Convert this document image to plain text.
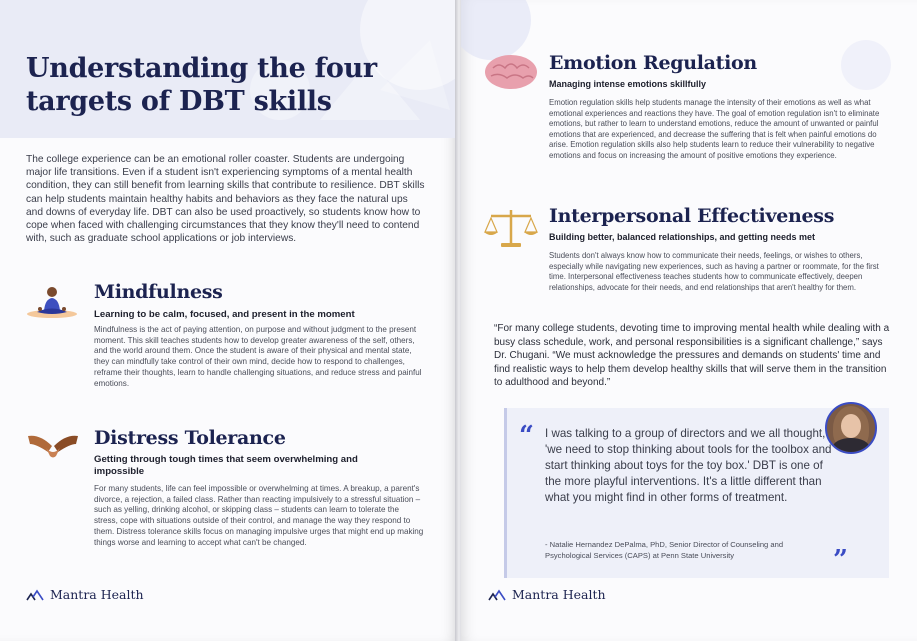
Understanding the four targets of DBT skills

The college experience can be an emotional roller coaster. Students are undergoing major life transitions. Even if a student isn't experiencing symptoms of a mental health condition, they can still benefit from learning skills that contribute to resilience. DBT skills can help students maintain healthy habits and behaviors as they face the natural ups and downs of everyday life. DBT can also be used proactively, so students know how to cope when faced with challenging circumstances that they know they'll need to contend with, such as graduate school applications or job interviews.

Mindfulness

Learning to be calm, focused, and present in the moment

Mindfulness is the act of paying attention, on purpose and without judgment to the present moment. This skill teaches students how to develop greater awareness of the self, others, and the world around them. Once the student is aware of their physical and mental state, they can mindfully take control of their own mind, decide how to respond to challenges, reframe their thoughts, learn to handle challenging situations, and reduce stress and painful emotions.

Distress Tolerance

Getting through tough times that seem overwhelming and impossible

For many students, life can feel impossible or overwhelming at times. A breakup, a parent's divorce, a rejection, a failed class. Rather than reacting impulsively to a stressful situation – such as yelling, drinking alcohol, or skipping class – students can learn to tolerate the stress, cope with situations outside of their control, and manage the way they respond to them. Distress tolerance skills focus on managing impulsive urges that might end up making things worse and learning to accept what can't be changed.

Mantra Health
Emotion Regulation

Managing intense emotions skillfully

Emotion regulation skills help students manage the intensity of their emotions as well as what emotional experiences and reactions they have. The goal of emotion regulation isn't to eliminate emotions, but rather to learn to understand emotions, reduce the amount of unwanted or painful emotions that are experienced, and decrease the suffering that is felt when painful emotions do arise. Emotion regulation skills also help students learn to reduce their vulnerability to negative emotions and focus on increasing the amount of positive emotions they experience.

Interpersonal Effectiveness

Building better, balanced relationships, and getting needs met

Students don't always know how to communicate their needs, feelings, or wishes to others, especially while navigating new experiences, such as having a partner or roommate, for the first time. Interpersonal effectiveness teaches students how to communicate effectively, deepen relationships, advocate for their needs, and end relationships that aren't healthy for them.

“For many college students, devoting time to improving mental health while dealing with a busy class schedule, work, and personal responsibilities is a significant challenge,” says Dr. Chugani. “We must acknowledge the pressures and demands on students' time and find realistic ways to help them develop healthy skills that will serve them in the transition to adulthood and beyond.”

“ I was talking to a group of directors and we all thought, 'we need to stop thinking about tools for the toolbox and start thinking about toys for the toy box.' DBT is one of the more playful interventions. It's a little different than what you might find in other forms of treatment.

- Natalie Hernandez DePalma, PhD, Senior Director of Counseling and Psychological Services (CAPS) at Penn State University	”
Mantra Health
